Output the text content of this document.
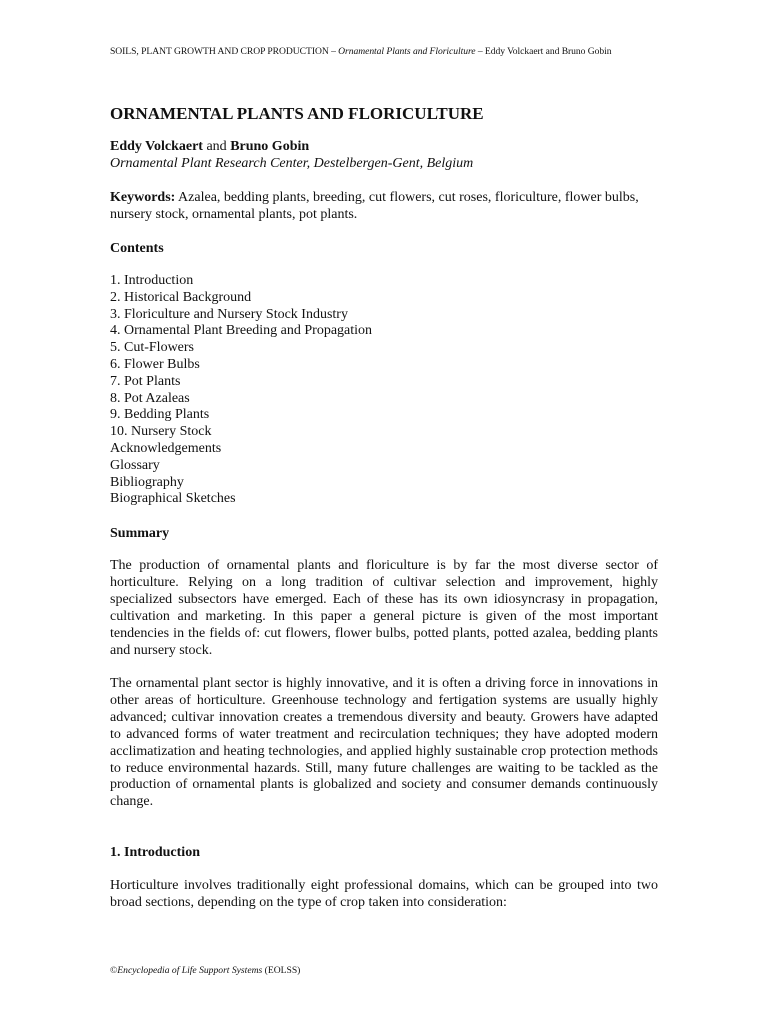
SOILS, PLANT GROWTH AND CROP PRODUCTION – Ornamental Plants and Floriculture – Eddy Volckaert and Bruno Gobin
ORNAMENTAL PLANTS AND FLORICULTURE
Eddy Volckaert and Bruno Gobin
Ornamental Plant Research Center, Destelbergen-Gent, Belgium
Keywords: Azalea, bedding plants, breeding, cut flowers, cut roses, floriculture, flower bulbs, nursery stock, ornamental plants, pot plants.
Contents
1. Introduction
2. Historical Background
3. Floriculture and Nursery Stock Industry
4. Ornamental Plant Breeding and Propagation
5. Cut-Flowers
6. Flower Bulbs
7. Pot Plants
8. Pot Azaleas
9. Bedding Plants
10. Nursery Stock
Acknowledgements
Glossary
Bibliography
Biographical Sketches
Summary

The production of ornamental plants and floriculture is by far the most diverse sector of horticulture. Relying on a long tradition of cultivar selection and improvement, highly specialized subsectors have emerged. Each of these has its own idiosyncrasy in propagation, cultivation and marketing. In this paper a general picture is given of the most important tendencies in the fields of: cut flowers, flower bulbs, potted plants, potted azalea, bedding plants and nursery stock.

The ornamental plant sector is highly innovative, and it is often a driving force in innovations in other areas of horticulture. Greenhouse technology and fertigation systems are usually highly advanced; cultivar innovation creates a tremendous diversity and beauty. Growers have adapted to advanced forms of water treatment and recirculation techniques; they have adopted modern acclimatization and heating technologies, and applied highly sustainable crop protection methods to reduce environmental hazards. Still, many future challenges are waiting to be tackled as the production of ornamental plants is globalized and society and consumer demands continuously change.

1. Introduction

Horticulture involves traditionally eight professional domains, which can be grouped into two broad sections, depending on the type of crop taken into consideration:

©Encyclopedia of Life Support Systems (EOLSS)
